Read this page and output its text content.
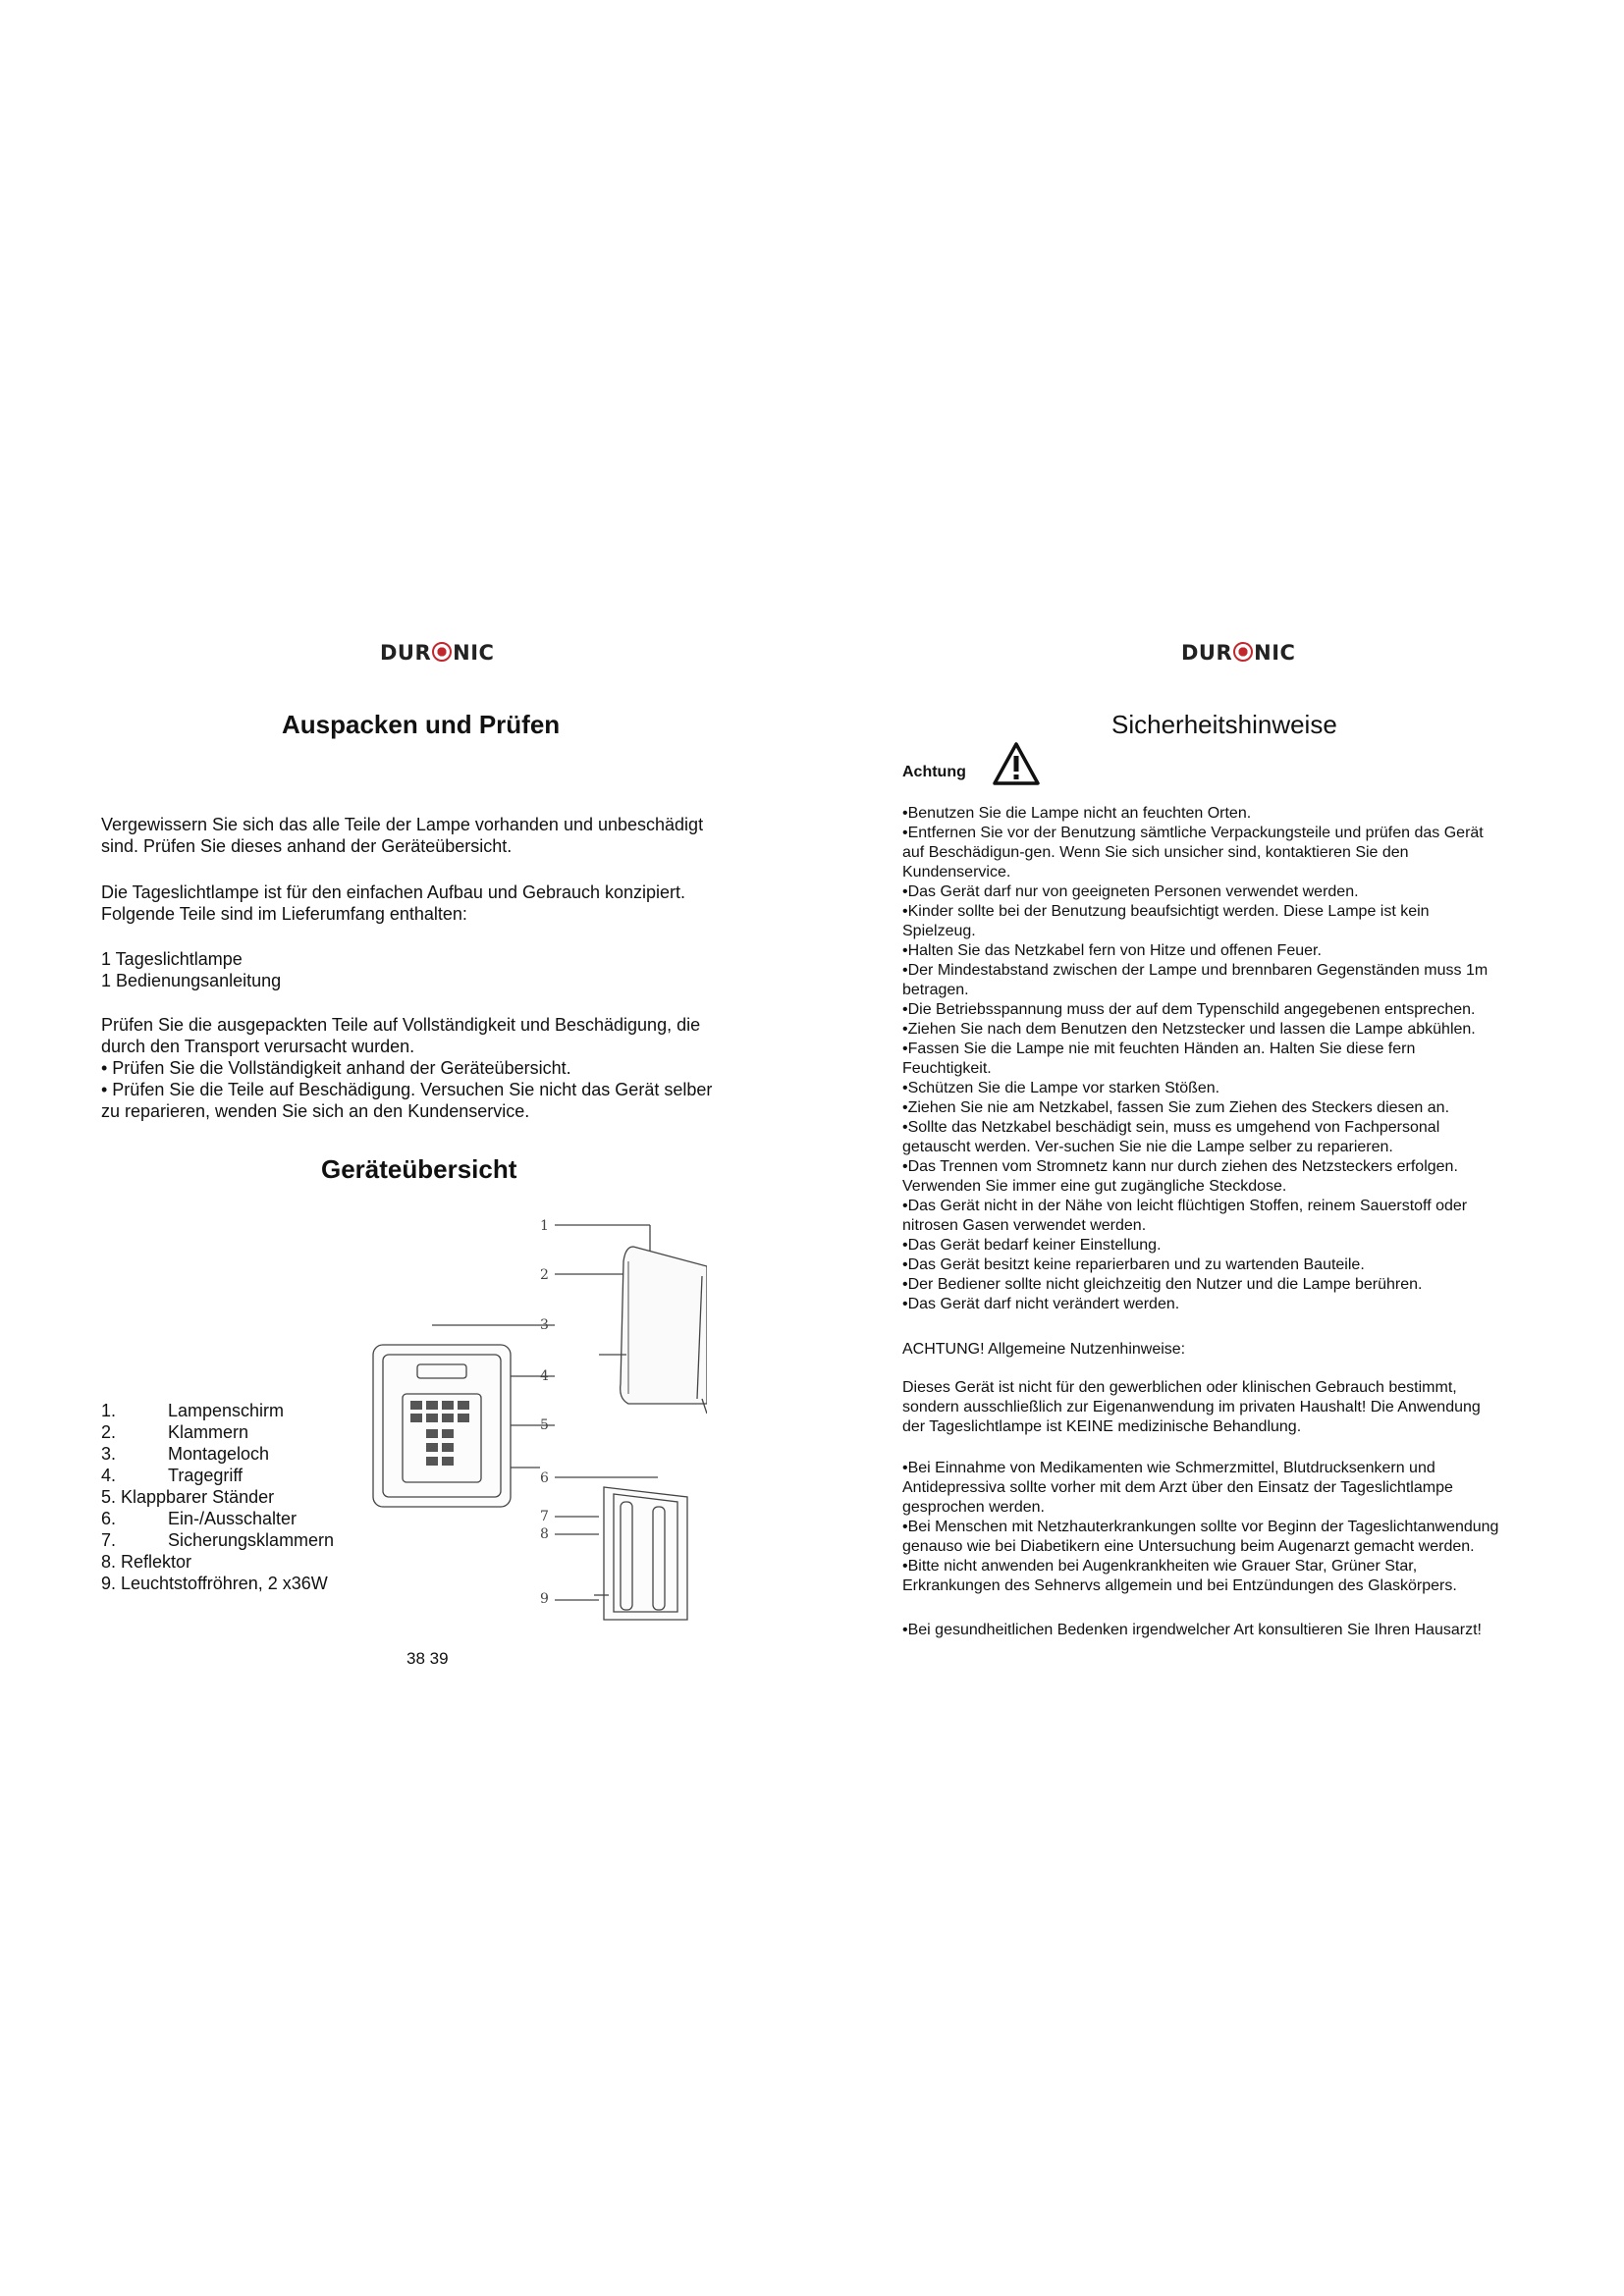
DUR NIC
Auspacken und Prüfen

Vergewissern Sie sich das alle Teile der Lampe vorhanden und unbeschädigt

sind. Prüfen Sie dieses anhand der Geräteübersicht.

Die Tageslichtlampe ist für den einfachen Aufbau und Gebrauch konzipiert.

Folgende Teile sind im Lieferumfang enthalten:

1 Tageslichtlampe

1 Bedienungsanleitung

Prüfen Sie die ausgepackten Teile auf Vollständigkeit und Beschädigung, die

durch den Transport verursacht wurden.

• Prüfen Sie die Vollständigkeit anhand der Geräteübersicht.

• Prüfen Sie die Teile auf Beschädigung. Versuchen Sie nicht das Gerät selber

zu reparieren, wenden Sie sich an den Kundenservice.

Geräteübersicht
1
2
3
4
5
6
7
8
9
1.	Lampenschirm
2.	Klammern
3.	Montageloch
4.	Tragegriff
5. Klappbarer Ständer
6.	Ein-/Ausschalter
7.	Sicherungsklammern
8. Reflektor
9. Leuchtstoffröhren, 2 x36W
38 39
DUR NIC
Sicherheitshinweise
Achtung

•Benutzen Sie die Lampe nicht an feuchten Orten.

•Entfernen Sie vor der Benutzung sämtliche Verpackungsteile und prüfen das Gerät

auf Beschädigun-gen. Wenn Sie sich unsicher sind, kontaktieren Sie den

Kundenservice.

•Das Gerät darf nur von geeigneten Personen verwendet werden.

•Kinder sollte bei der Benutzung beaufsichtigt werden. Diese Lampe ist kein

Spielzeug.

•Halten Sie das Netzkabel fern von Hitze und offenen Feuer.

•Der Mindestabstand zwischen der Lampe und brennbaren Gegenständen muss 1m

betragen.

•Die Betriebsspannung muss der auf dem Typenschild angegebenen entsprechen.

•Ziehen Sie nach dem Benutzen den Netzstecker und lassen die Lampe abkühlen.

•Fassen Sie die Lampe nie mit feuchten Händen an. Halten Sie diese fern

Feuchtigkeit.

•Schützen Sie die Lampe vor starken Stößen.

•Ziehen Sie nie am Netzkabel, fassen Sie zum Ziehen des Steckers diesen an.

•Sollte das Netzkabel beschädigt sein, muss es umgehend von Fachpersonal

getauscht werden. Ver-suchen Sie nie die Lampe selber zu reparieren.

•Das Trennen vom Stromnetz kann nur durch ziehen des Netzsteckers erfolgen.

Verwenden Sie immer eine gut zugängliche Steckdose.

•Das Gerät nicht in der Nähe von leicht flüchtigen Stoffen, reinem Sauerstoff oder

nitrosen Gasen verwendet werden.

•Das Gerät bedarf keiner Einstellung.

•Das Gerät besitzt keine reparierbaren und zu wartenden Bauteile.

•Der Bediener sollte nicht gleichzeitig den Nutzer und die Lampe berühren.

•Das Gerät darf nicht verändert werden.

ACHTUNG! Allgemeine Nutzenhinweise:

Dieses Gerät ist nicht für den gewerblichen oder klinischen Gebrauch bestimmt,

sondern ausschließlich zur Eigenanwendung im privaten Haushalt! Die Anwendung

der Tageslichtlampe ist KEINE medizinische Behandlung.

•Bei Einnahme von Medikamenten wie Schmerzmittel, Blutdrucksenkern und

Antidepressiva sollte vorher mit dem Arzt über den Einsatz der Tageslichtlampe

gesprochen werden.

•Bei Menschen mit Netzhauterkrankungen sollte vor Beginn der Tageslichtanwendung

genauso wie bei Diabetikern eine Untersuchung beim Augenarzt gemacht werden.

•Bitte nicht anwenden bei Augenkrankheiten wie Grauer Star, Grüner Star,

Erkrankungen des Sehnervs allgemein und bei Entzündungen des Glaskörpers.

•Bei gesundheitlichen Bedenken irgendwelcher Art konsultieren Sie Ihren Hausarzt!
